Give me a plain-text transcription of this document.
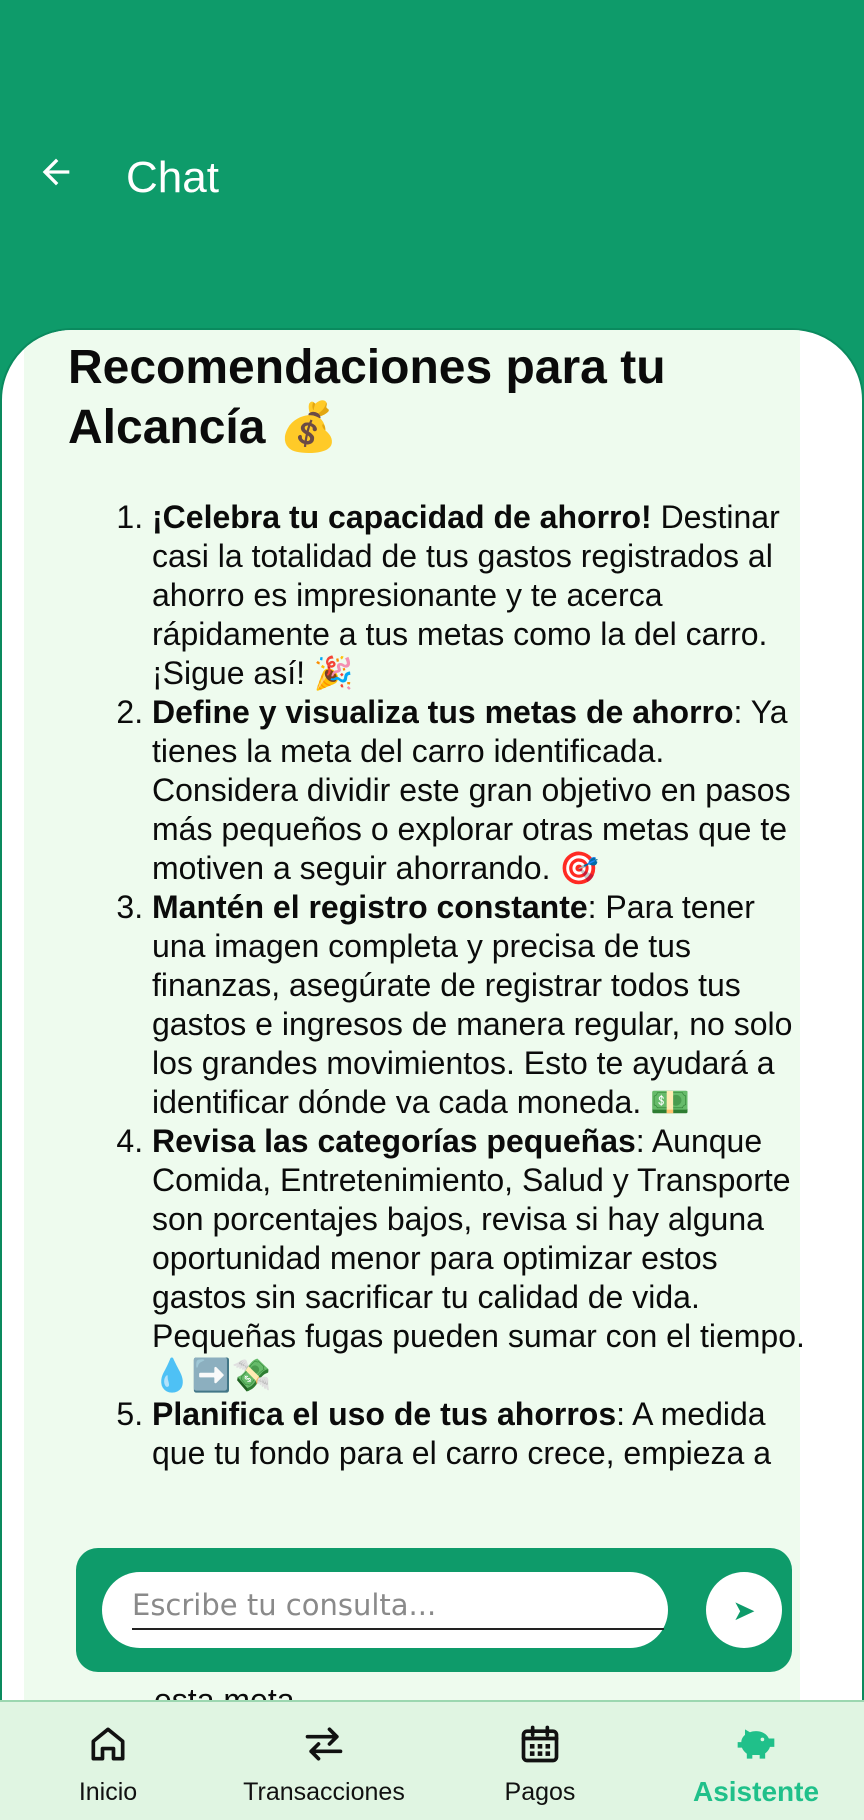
Chat
Recomendaciones para tu Alcancía 💰
1. ¡Celebra tu capacidad de ahorro! Destinar casi la totalidad de tus gastos registrados al ahorro es impresionante y te acerca rápidamente a tus metas como la del carro. ¡Sigue así! 🎉
2. Define y visualiza tus metas de ahorro: Ya tienes la meta del carro identificada. Considera dividir este gran objetivo en pasos más pequeños o explorar otras metas que te motiven a seguir ahorrando. 🎯
3. Mantén el registro constante: Para tener una imagen completa y precisa de tus finanzas, asegúrate de registrar todos tus gastos e ingresos de manera regular, no solo los grandes movimientos. Esto te ayudará a identificar dónde va cada moneda. 💵
4. Revisa las categorías pequeñas: Aunque Comida, Entretenimiento, Salud y Transporte son porcentajes bajos, revisa si hay alguna oportunidad menor para optimizar estos gastos sin sacrificar tu calidad de vida. Pequeñas fugas pueden sumar con el tiempo. 💧➡️💸
5. Planifica el uso de tus ahorros: A medida que tu fondo para el carro crece, empieza a
Escribe tu consulta...
➤
Inicio	Transacciones	Pagos	Asistente
